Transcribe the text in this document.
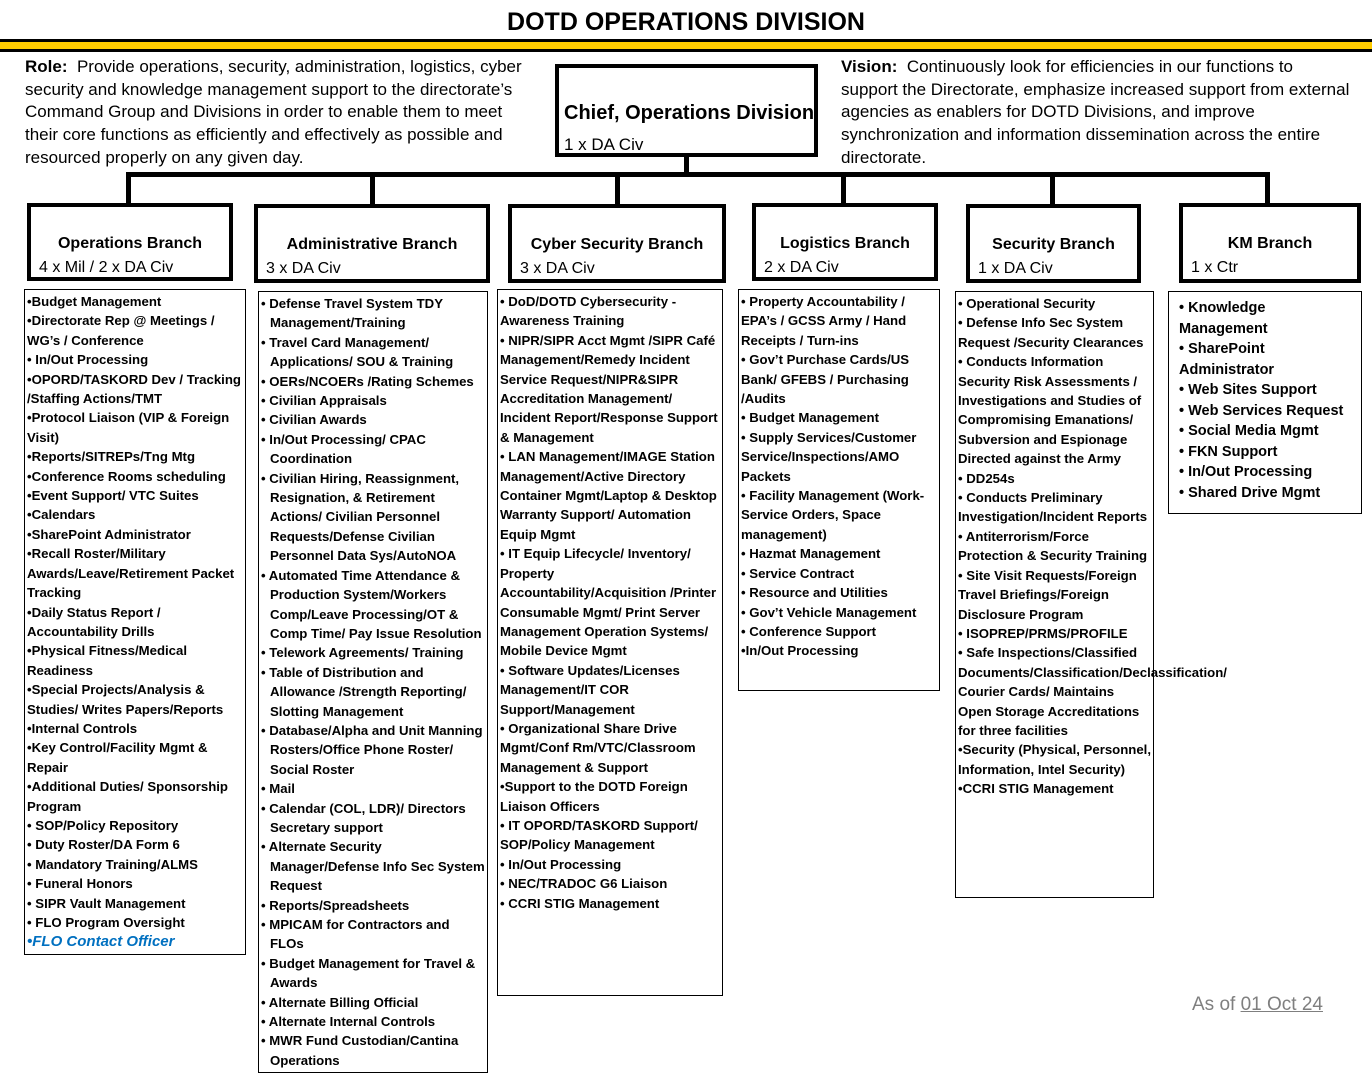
DOTD OPERATIONS DIVISION
Role: Provide operations, security, administration, logistics, cyber security and knowledge management support to the directorate’s Command Group and Divisions in order to enable them to meet their core functions as efficiently and effectively as possible and resourced properly on any given day.
Vision: Continuously look for efficiencies in our functions to support the Directorate, emphasize increased support from external agencies as enablers for DOTD Divisions, and improve synchronization and information dissemination across the entire directorate.
Chief, Operations Division
1 x DA Civ
Operations Branch
4 x Mil / 2 x DA Civ
•Budget Management
•Directorate Rep @ Meetings / WG’s / Conference
• In/Out Processing
•OPORD/TASKORD Dev / Tracking /Staffing Actions/TMT
•Protocol Liaison (VIP & Foreign Visit)
•Reports/SITREPs/Tng Mtg
•Conference Rooms scheduling
•Event Support/ VTC Suites
•Calendars
•SharePoint Administrator
•Recall Roster/Military Awards/Leave/Retirement Packet Tracking
•Daily Status Report / Accountability Drills
•Physical Fitness/Medical Readiness
•Special Projects/Analysis & Studies/ Writes Papers/Reports
•Internal Controls
•Key Control/Facility Mgmt & Repair
•Additional Duties/ Sponsorship Program
• SOP/Policy Repository
• Duty Roster/DA Form 6
• Mandatory Training/ALMS
• Funeral Honors
• SIPR Vault Management
• FLO Program Oversight
•FLO Contact Officer
Administrative Branch
3 x DA Civ
• Defense Travel System TDY Management/Training
• Travel Card Management/ Applications/ SOU & Training
• OERs/NCOERs /Rating Schemes
• Civilian Appraisals
• Civilian Awards
• In/Out Processing/ CPAC Coordination
• Civilian Hiring, Reassignment, Resignation, & Retirement Actions/ Civilian Personnel Requests/Defense Civilian Personnel Data Sys/AutoNOA
• Automated Time Attendance & Production System/Workers Comp/Leave Processing/OT & Comp Time/ Pay Issue Resolution
• Telework Agreements/ Training
• Table of Distribution and Allowance /Strength Reporting/ Slotting Management
• Database/Alpha and Unit Manning Rosters/Office Phone Roster/ Social Roster
• Mail
• Calendar (COL, LDR)/ Directors Secretary support
• Alternate Security Manager/Defense Info Sec System Request
• Reports/Spreadsheets
• MPICAM for Contractors and FLOs
• Budget Management for Travel & Awards
• Alternate Billing Official
• Alternate Internal Controls
• MWR Fund Custodian/Cantina Operations
Cyber Security Branch
3 x DA Civ
• DoD/DOTD Cybersecurity - Awareness Training
• NIPR/SIPR Acct Mgmt /SIPR Café Management/Remedy Incident Service Request/NIPR&SIPR Accreditation Management/ Incident Report/Response Support & Management
• LAN Management/IMAGE Station Management/Active Directory Container Mgmt/Laptop & Desktop Warranty Support/ Automation Equip Mgmt
• IT Equip Lifecycle/ Inventory/ Property Accountability/Acquisition /Printer Consumable Mgmt/ Print Server Management Operation Systems/ Mobile Device Mgmt
• Software Updates/Licenses Management/IT COR Support/Management
• Organizational Share Drive Mgmt/Conf Rm/VTC/Classroom Management & Support
•Support to the DOTD Foreign Liaison Officers
• IT OPORD/TASKORD Support/ SOP/Policy Management
• In/Out Processing
• NEC/TRADOC G6 Liaison
• CCRI STIG Management
Logistics Branch
2 x DA Civ
• Property Accountability / EPA’s / GCSS Army / Hand Receipts / Turn-ins
• Gov’t Purchase Cards/US Bank/ GFEBS / Purchasing /Audits
• Budget Management
• Supply Services/Customer Service/Inspections/AMO Packets
• Facility Management (Work-Service Orders, Space management)
• Hazmat Management
• Service Contract
• Resource and Utilities
• Gov’t Vehicle Management
• Conference Support
•In/Out Processing
Security Branch
1 x DA Civ
• Operational Security
• Defense Info Sec System Request /Security Clearances
• Conducts Information Security Risk Assessments / Investigations and Studies of Compromising Emanations/ Subversion and Espionage Directed against the Army
• DD254s
• Conducts Preliminary Investigation/Incident Reports
• Antiterrorism/Force Protection & Security Training
• Site Visit Requests/Foreign Travel Briefings/Foreign Disclosure Program
• ISOPREP/PRMS/PROFILE
• Safe Inspections/Classified Documents/Classification/Declassification/ Courier Cards/ Maintains Open Storage Accreditations for three facilities
•Security (Physical, Personnel, Information, Intel Security)
•CCRI STIG Management
KM Branch
1 x Ctr
• Knowledge Management
• SharePoint Administrator
• Web Sites Support
• Web Services Request
• Social Media Mgmt
• FKN Support
• In/Out Processing
• Shared Drive Mgmt
As of 01 Oct 24
